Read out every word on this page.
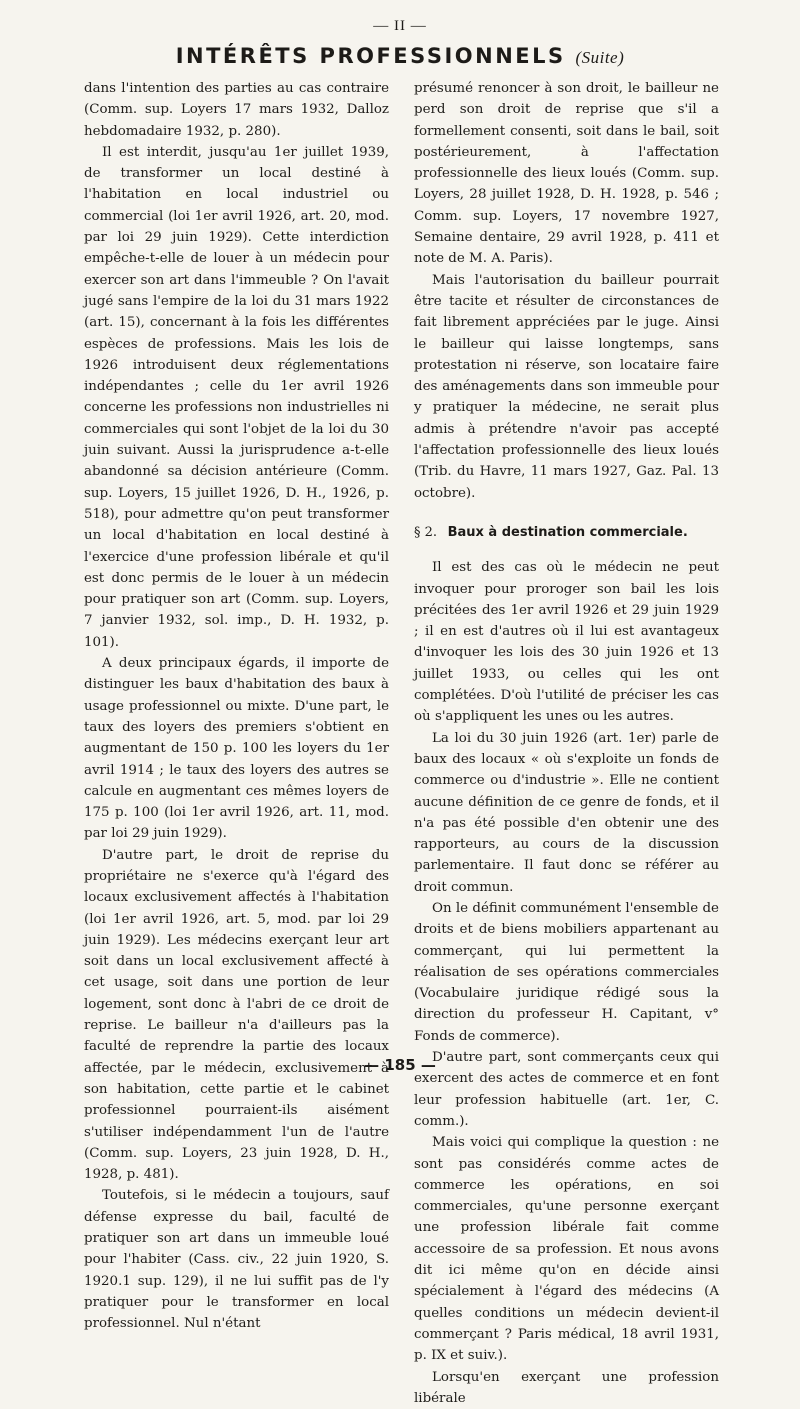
— II —
INTÉRÊTS PROFESSIONNELS (Suite)

dans l'intention des parties au cas contraire (Comm. sup. Loyers 17 mars 1932, Dalloz hebdomadaire 1932, p. 280).

Il est interdit, jusqu'au 1er juillet 1939, de transformer un local destiné à l'habitation en local industriel ou commercial (loi 1er avril 1926, art. 20, mod. par loi 29 juin 1929). Cette interdiction empêche-t-elle de louer à un médecin pour exercer son art dans l'immeuble ? On l'avait jugé sans l'empire de la loi du 31 mars 1922 (art. 15), concernant à la fois les différentes espèces de professions. Mais les lois de 1926 introduisent deux réglementations indépendantes ; celle du 1er avril 1926 concerne les professions non industrielles ni commerciales qui sont l'objet de la loi du 30 juin suivant. Aussi la jurisprudence a-t-elle abandonné sa décision antérieure (Comm. sup. Loyers, 15 juillet 1926, D. H., 1926, p. 518), pour admettre qu'on peut transformer un local d'habitation en local destiné à l'exercice d'une profession libérale et qu'il est donc permis de le louer à un médecin pour pratiquer son art (Comm. sup. Loyers, 7 janvier 1932, sol. imp., D. H. 1932, p. 101).

A deux principaux égards, il importe de distinguer les baux d'habitation des baux à usage professionnel ou mixte. D'une part, le taux des loyers des premiers s'obtient en augmentant de 150 p. 100 les loyers du 1er avril 1914 ; le taux des loyers des autres se calcule en augmentant ces mêmes loyers de 175 p. 100 (loi 1er avril 1926, art. 11, mod. par loi 29 juin 1929).

D'autre part, le droit de reprise du propriétaire ne s'exerce qu'à l'égard des locaux exclusivement affectés à l'habitation (loi 1er avril 1926, art. 5, mod. par loi 29 juin 1929). Les médecins exerçant leur art soit dans un local exclusivement affecté à cet usage, soit dans une portion de leur logement, sont donc à l'abri de ce droit de reprise. Le bailleur n'a d'ailleurs pas la faculté de reprendre la partie des locaux affectée, par le médecin, exclusivement à son habitation, cette partie et le cabinet professionnel pourraient-ils aisément s'utiliser indépendamment l'un de l'autre (Comm. sup. Loyers, 23 juin 1928, D. H., 1928, p. 481).

Toutefois, si le médecin a toujours, sauf défense expresse du bail, faculté de pratiquer son art dans un immeuble loué pour l'habiter (Cass. civ., 22 juin 1920, S. 1920.1 sup. 129), il ne lui suffit pas de l'y pratiquer pour le transformer en local professionnel. Nul n'étant

présumé renoncer à son droit, le bailleur ne perd son droit de reprise que s'il a formellement consenti, soit dans le bail, soit postérieurement, à l'affectation professionnelle des lieux loués (Comm. sup. Loyers, 28 juillet 1928, D. H. 1928, p. 546 ; Comm. sup. Loyers, 17 novembre 1927, Semaine dentaire, 29 avril 1928, p. 411 et note de M. A. Paris).

Mais l'autorisation du bailleur pourrait être tacite et résulter de circonstances de fait librement appréciées par le juge. Ainsi le bailleur qui laisse longtemps, sans protestation ni réserve, son locataire faire des aménagements dans son immeuble pour y pratiquer la médecine, ne serait plus admis à prétendre n'avoir pas accepté l'affectation professionnelle des lieux loués (Trib. du Havre, 11 mars 1927, Gaz. Pal. 13 octobre).

§ 2. Baux à destination commerciale.

Il est des cas où le médecin ne peut invoquer pour proroger son bail les lois précitées des 1er avril 1926 et 29 juin 1929 ; il en est d'autres où il lui est avantageux d'invoquer les lois des 30 juin 1926 et 13 juillet 1933, ou celles qui les ont complétées. D'où l'utilité de préciser les cas où s'appliquent les unes ou les autres.

La loi du 30 juin 1926 (art. 1er) parle de baux des locaux « où s'exploite un fonds de commerce ou d'industrie ». Elle ne contient aucune définition de ce genre de fonds, et il n'a pas été possible d'en obtenir une des rapporteurs, au cours de la discussion parlementaire. Il faut donc se référer au droit commun.

On le définit communément l'ensemble de droits et de biens mobiliers appartenant au commerçant, qui lui permettent la réalisation de ses opérations commerciales (Vocabulaire juridique rédigé sous la direction du professeur H. Capitant, v° Fonds de commerce).

D'autre part, sont commerçants ceux qui exercent des actes de commerce et en font leur profession habituelle (art. 1er, C. comm.).

Mais voici qui complique la question : ne sont pas considérés comme actes de commerce les opérations, en soi commerciales, qu'une personne exerçant une profession libérale fait comme accessoire de sa profession. Et nous avons dit ici même qu'on en décide ainsi spécialement à l'égard des médecins (A quelles conditions un médecin devient-il commerçant ? Paris médical, 18 avril 1931, p. IX et suiv.).

Lorsqu'en exerçant une profession libérale

— 185 —
